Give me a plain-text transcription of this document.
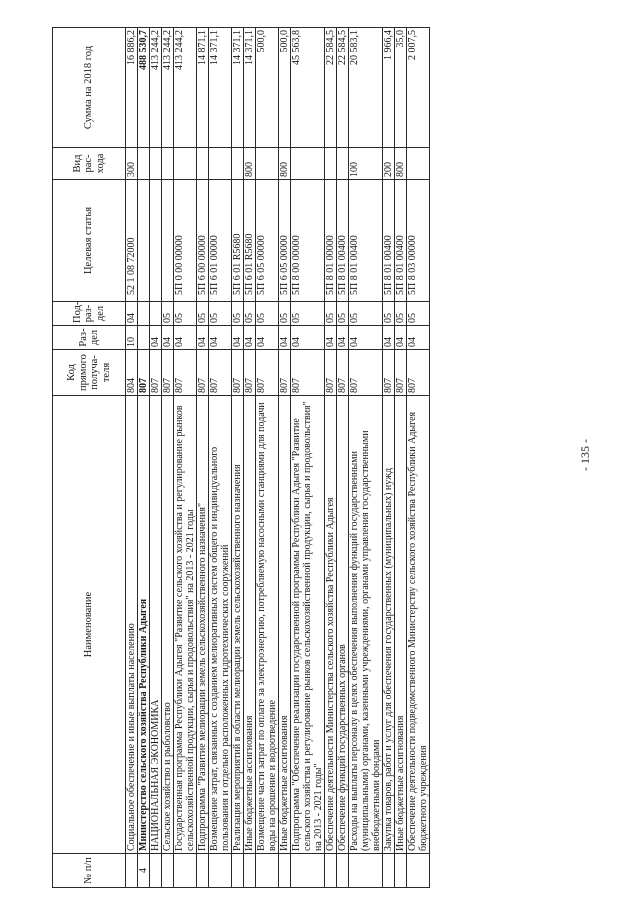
- 135 -
№ п/п	Наименование	Код прямого получа-теля	Раз-дел	Под-раз-дел	Целевая статья	Вид рас-хода	Сумма на 2018 год
	Социальное обеспечение и иные выплаты населению	804	10	04	52 1 08 72000	300	16 886,2
4	Министерство сельского хозяйства Республики Адыгея	807					488 530,7
	НАЦИОНАЛЬНАЯ ЭКОНОМИКА	807	04				413 244,2
	Сельское хозяйство и рыболовство	807	04	05			413 244,2
	Государственная программа Республики Адыгея "Развитие сельского хозяйства и регулирование рынков сельскохозяйственной продукции, сырья и продовольствия" на 2013 - 2021 годы	807	04	05	5П 0 00 00000		413 244,2
	Подпрограмма "Развитие мелиорации земель сельскохозяйственного назначения"	807	04	05	5П 6 00 00000		14 871,1
	Возмещение затрат, связанных с созданием мелиоративных систем общего и индивидуального пользования и отдельно расположенных гидротехнических сооружений	807	04	05	5П 6 01 00000		14 371,1
	Реализация мероприятий в области мелиорации земель сельскохозяйственного назначения	807	04	05	5П 6 01 R5680		14 371,1
	Иные бюджетные ассигнования	807	04	05	5П 6 01 R5680	800	14 371,1
	Возмещение части затрат по оплате за электроэнергию, потребляемую насосными станциями для подачи воды на орошение и водоотведение	807	04	05	5П 6 05 00000		500,0
	Иные бюджетные ассигнования	807	04	05	5П 6 05 00000	800	500,0
	Подпрограмма "Обеспечение реализации государственной программы Республики Адыгея "Развитие сельского хозяйства и регулирование рынков сельскохозяйственной продукции, сырья и продовольствия" на 2013 - 2021 годы"	807	04	05	5П 8 00 00000		45 563,8
	Обеспечение деятельности Министерства сельского хозяйства Республики Адыгея	807	04	05	5П 8 01 00000		22 584,5
	Обеспечение функций государственных органов	807	04	05	5П 8 01 00400		22 584,5
	Расходы на выплаты персоналу в целях обеспечения выполнения функций государственными (муниципальными) органами, казенными учреждениями, органами управления государственными внебюджетными фондами	807	04	05	5П 8 01 00400	100	20 583,1
	Закупка товаров, работ и услуг для обеспечения государственных (муниципальных) нужд	807	04	05	5П 8 01 00400	200	1 966,4
	Иные бюджетные ассигнования	807	04	05	5П 8 01 00400	800	35,0
	Обеспечение деятельности подведомственного Министерству сельского хозяйства Республики Адыгея бюджетного учреждения	807	04	05	5П 8 03 00000		2 007,5
